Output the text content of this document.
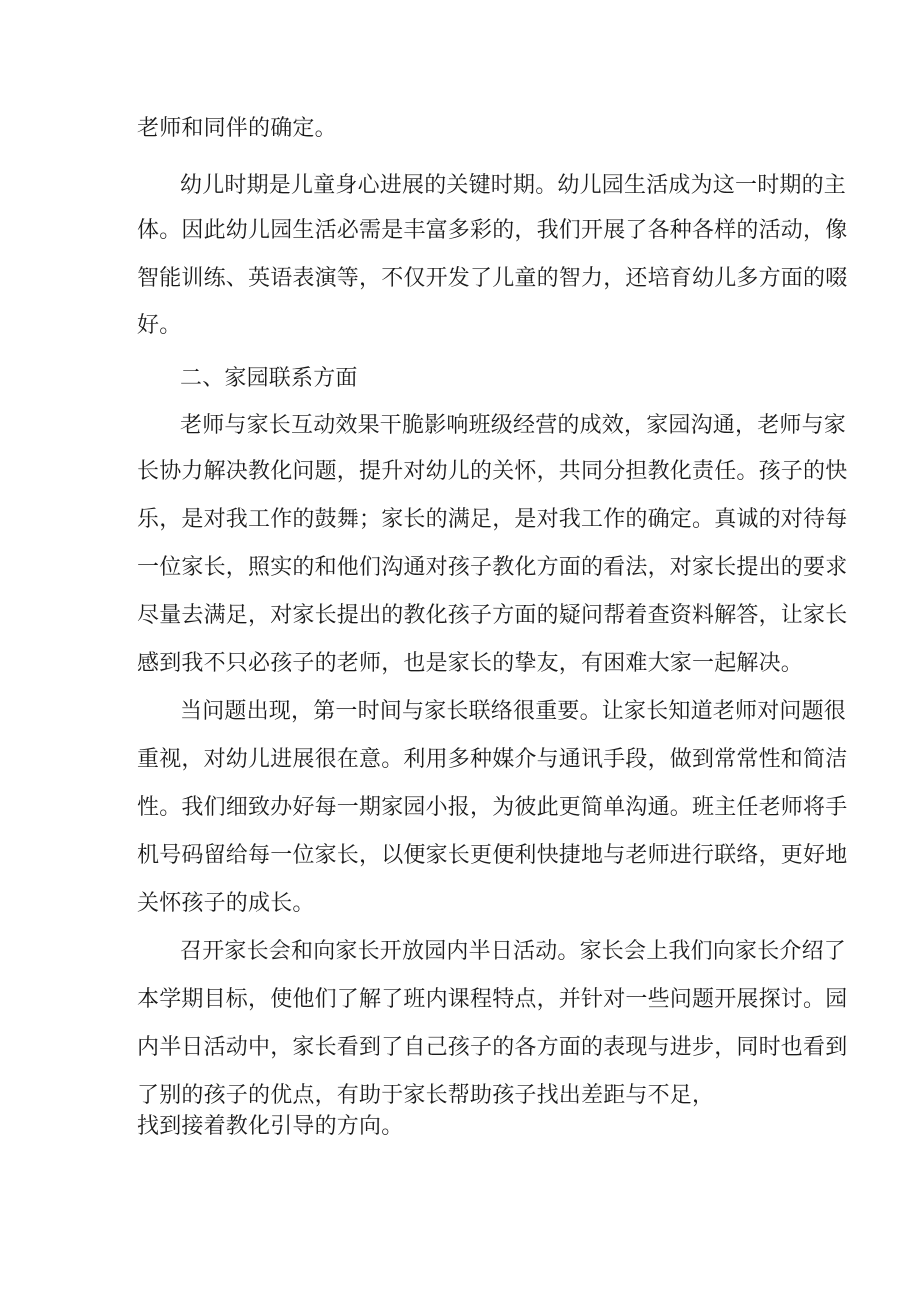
老师和同伴的确定。
幼儿时期是儿童身心进展的关键时期。幼儿园生活成为这一时期的主
体。因此幼儿园生活必需是丰富多彩的，我们开展了各种各样的活动，像
智能训练、英语表演等，不仅开发了儿童的智力，还培育幼儿多方面的啜
好。
二、家园联系方面
老师与家长互动效果干脆影响班级经营的成效，家园沟通，老师与家
长协力解决教化问题，提升对幼儿的关怀，共同分担教化责任。孩子的快
乐，是对我工作的鼓舞；家长的满足，是对我工作的确定。真诚的对待每
一位家长，照实的和他们沟通对孩子教化方面的看法，对家长提出的要求
尽量去满足，对家长提出的教化孩子方面的疑问帮着查资料解答，让家长
感到我不只必孩子的老师，也是家长的挚友，有困难大家一起解决。
当问题出现，第一时间与家长联络很重要。让家长知道老师对问题很
重视，对幼儿进展很在意。利用多种媒介与通讯手段，做到常常性和简洁
性。我们细致办好每一期家园小报，为彼此更简单沟通。班主任老师将手
机号码留给每一位家长，以便家长更便利快捷地与老师进行联络，更好地
关怀孩子的成长。
召开家长会和向家长开放园内半日活动。家长会上我们向家长介绍了
本学期目标，使他们了解了班内课程特点，并针对一些问题开展探讨。园
内半日活动中，家长看到了自己孩子的各方面的表现与进步，同时也看到
了别的孩子的优点，有助于家长帮助孩子找出差距与不足，
找到接着教化引导的方向。
